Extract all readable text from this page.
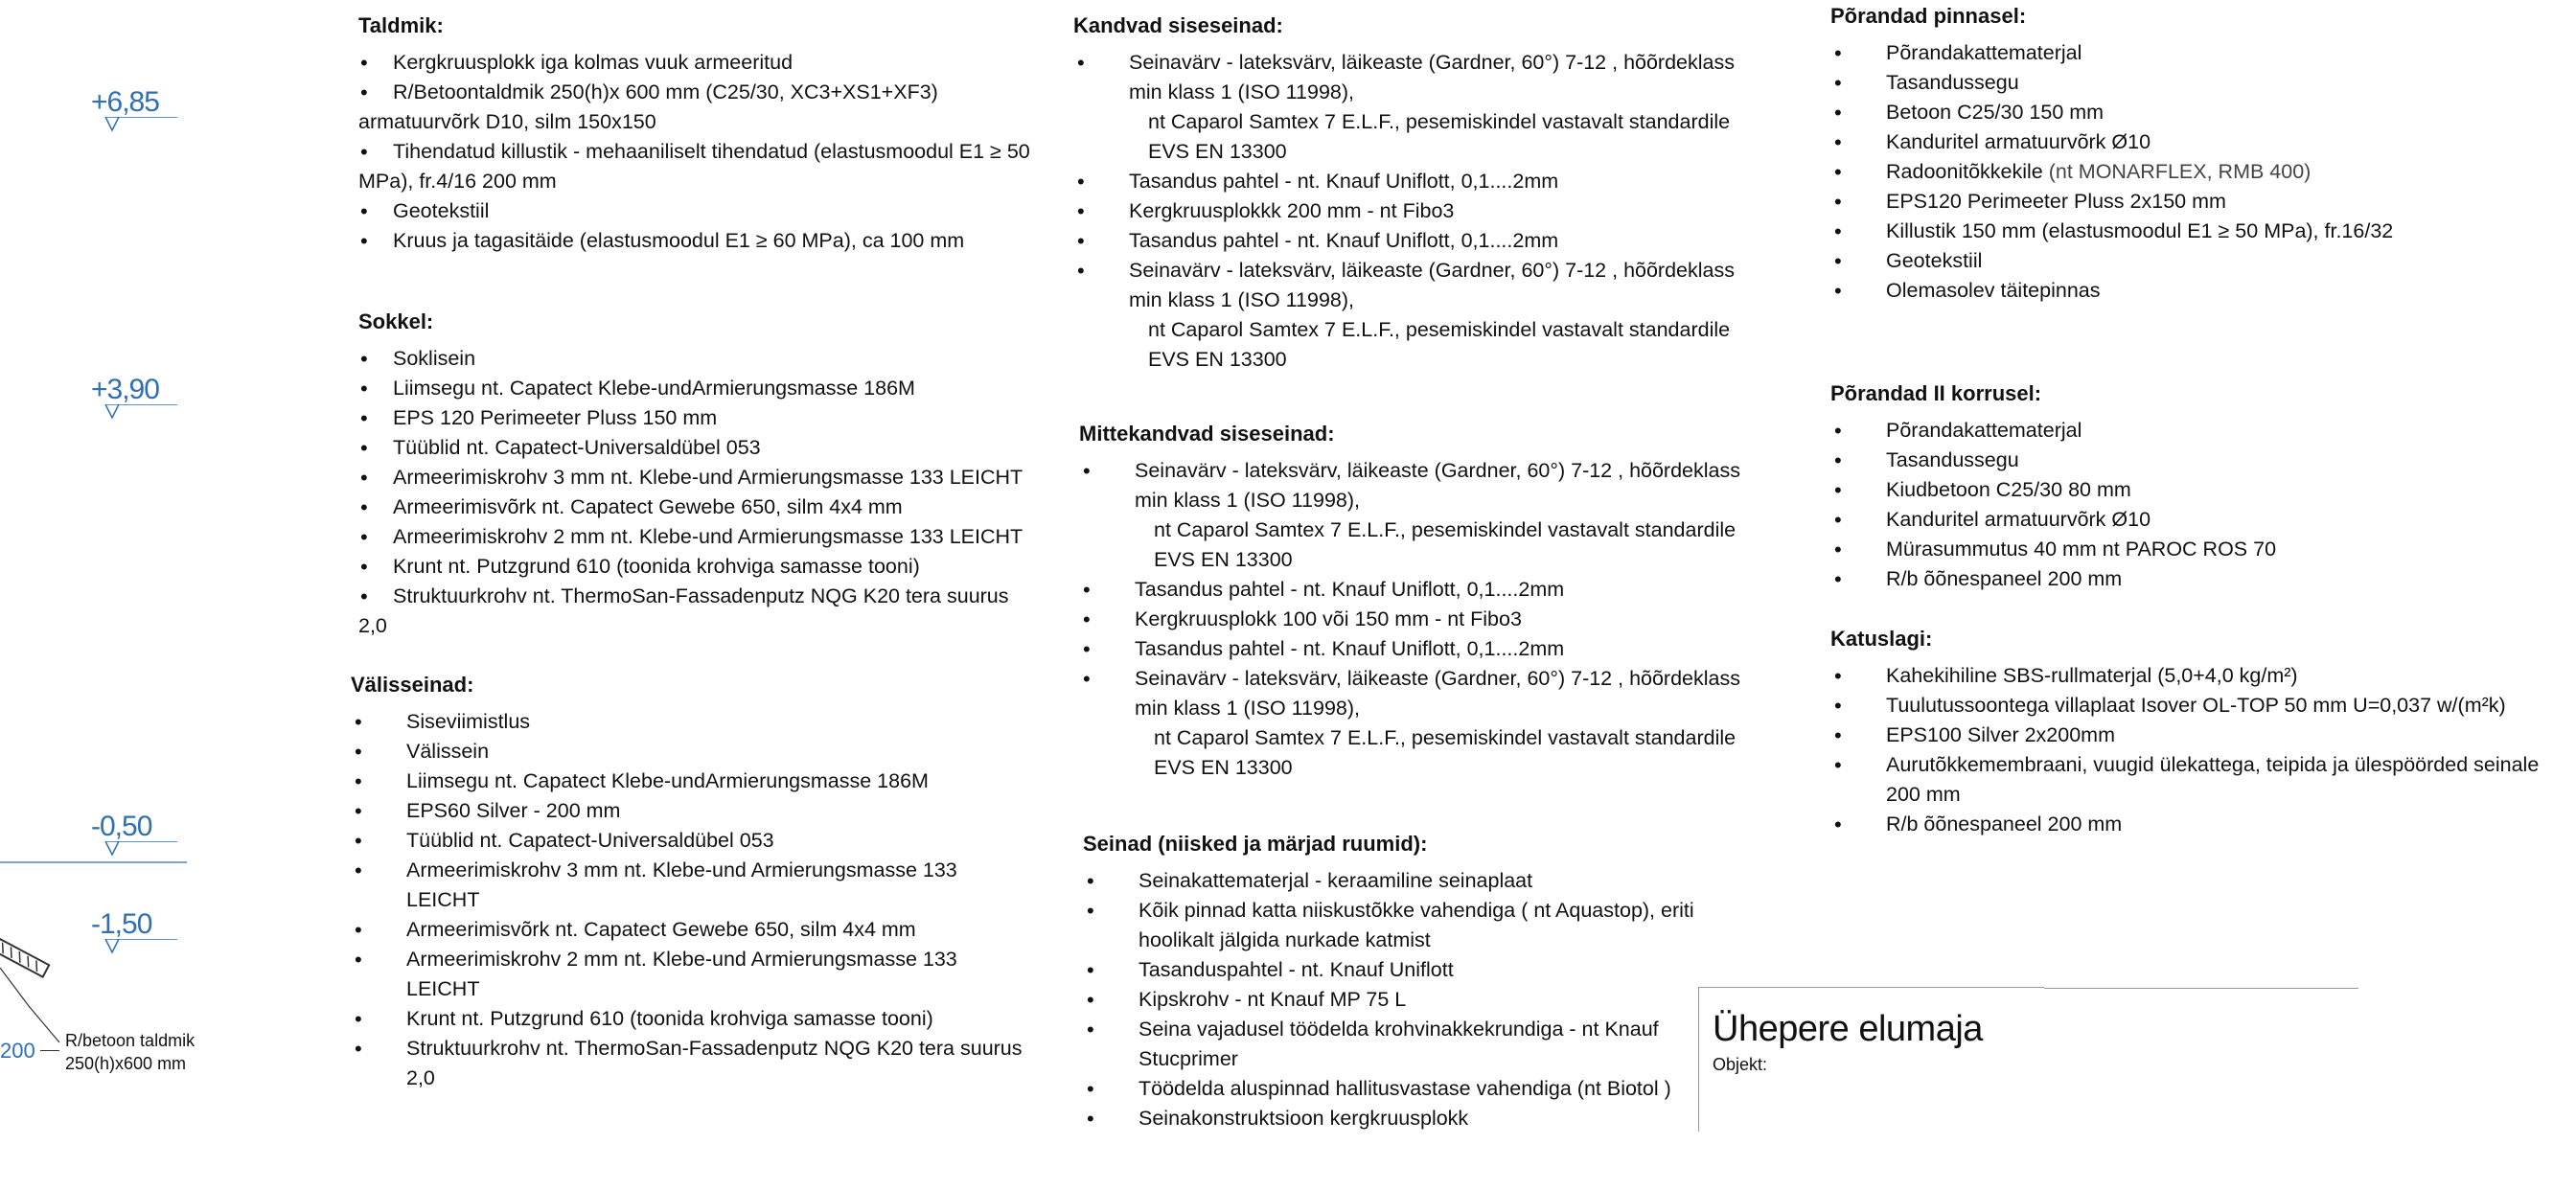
+6,85
+3,90
-0,50
-1,50
200 R/betoon taldmik
250(h)x600 mm
Taldmik:
• Kergkruusplokk iga kolmas vuuk armeeritud
• R/Betoontaldmik 250(h)x 600 mm (C25/30, XC3+XS1+XF3)
armatuurvõrk D10, silm 150x150
• Tihendatud killustik - mehaaniliselt tihendatud (elastusmoodul E1 ≥ 50
MPa), fr.4/16 200 mm
• Geotekstiil
• Kruus ja tagasitäide (elastusmoodul E1 ≥ 60 MPa), ca 100 mm
Sokkel:
• Soklisein
• Liimsegu nt. Capatect Klebe-undArmierungsmasse 186M
• EPS 120 Perimeeter Pluss 150 mm
• Tüüblid nt. Capatect-Universaldübel 053
• Armeerimiskrohv 3 mm nt. Klebe-und Armierungsmasse 133 LEICHT
• Armeerimisvõrk nt. Capatect Gewebe 650, silm 4x4 mm
• Armeerimiskrohv 2 mm nt. Klebe-und Armierungsmasse 133 LEICHT
• Krunt nt. Putzgrund 610 (toonida krohviga samasse tooni)
• Struktuurkrohv nt. ThermoSan-Fassadenputz NQG K20 tera suurus
2,0
Välisseinad:
• Siseviimistlus
• Välissein
• Liimsegu nt. Capatect Klebe-undArmierungsmasse 186M
• EPS60 Silver - 200 mm
• Tüüblid nt. Capatect-Universaldübel 053
• Armeerimiskrohv 3 mm nt. Klebe-und Armierungsmasse 133
LEICHT
• Armeerimisvõrk nt. Capatect Gewebe 650, silm 4x4 mm
• Armeerimiskrohv 2 mm nt. Klebe-und Armierungsmasse 133
LEICHT
• Krunt nt. Putzgrund 610 (toonida krohviga samasse tooni)
• Struktuurkrohv nt. ThermoSan-Fassadenputz NQG K20 tera suurus
2,0
Kandvad siseseinad:
• Seinavärv - lateksvärv, läikeaste (Gardner, 60°) 7-12 , hõõrdeklass
min klass 1 (ISO 11998),
nt Caparol Samtex 7 E.L.F., pesemiskindel vastavalt standardile
EVS EN 13300
• Tasandus pahtel - nt. Knauf Uniflott, 0,1....2mm
• Kergkruusplokkk 200 mm - nt Fibo3
• Tasandus pahtel - nt. Knauf Uniflott, 0,1....2mm
• Seinavärv - lateksvärv, läikeaste (Gardner, 60°) 7-12 , hõõrdeklass
min klass 1 (ISO 11998),
nt Caparol Samtex 7 E.L.F., pesemiskindel vastavalt standardile
EVS EN 13300
Mittekandvad siseseinad:
• Seinavärv - lateksvärv, läikeaste (Gardner, 60°) 7-12 , hõõrdeklass
min klass 1 (ISO 11998),
nt Caparol Samtex 7 E.L.F., pesemiskindel vastavalt standardile
EVS EN 13300
• Tasandus pahtel - nt. Knauf Uniflott, 0,1....2mm
• Kergkruusplokk 100 või 150 mm - nt Fibo3
• Tasandus pahtel - nt. Knauf Uniflott, 0,1....2mm
• Seinavärv - lateksvärv, läikeaste (Gardner, 60°) 7-12 , hõõrdeklass
min klass 1 (ISO 11998),
nt Caparol Samtex 7 E.L.F., pesemiskindel vastavalt standardile
EVS EN 13300
Seinad (niisked ja märjad ruumid):
• Seinakattematerjal - keraamiline seinaplaat
• Kõik pinnad katta niiskustõkke vahendiga ( nt Aquastop), eriti
hoolikalt jälgida nurkade katmist
• Tasanduspahtel - nt. Knauf Uniflott
• Kipskrohv - nt Knauf MP 75 L
• Seina vajadusel töödelda krohvinakkekrundiga - nt Knauf
Stucprimer
• Töödelda aluspinnad hallitusvastase vahendiga (nt Biotol )
• Seinakonstruktsioon kergkruusplokk
Põrandad pinnasel:
• Põrandakattematerjal
• Tasandussegu
• Betoon C25/30 150 mm
• Kanduritel armatuurvõrk Ø10
• Radoonitõkkekile (nt MONARFLEX, RMB 400)
• EPS120 Perimeeter Pluss 2x150 mm
• Killustik 150 mm (elastusmoodul E1 ≥ 50 MPa), fr.16/32
• Geotekstiil
• Olemasolev täitepinnas
Põrandad II korrusel:
• Põrandakattematerjal
• Tasandussegu
• Kiudbetoon C25/30 80 mm
• Kanduritel armatuurvõrk Ø10
• Mürasummutus 40 mm nt PAROC ROS 70
• R/b õõnespaneel 200 mm
Katuslagi:
• Kahekihiline SBS-rullmaterjal (5,0+4,0 kg/m²)
• Tuulutussoontega villaplaat Isover OL-TOP 50 mm U=0,037 w/(m²k)
• EPS100 Silver 2x200mm
• Aurutõkkemembraani, vuugid ülekattega, teipida ja ülespöörded seinale
200 mm
• R/b õõnespaneel 200 mm
Ühepere elumaja
Objekt:
